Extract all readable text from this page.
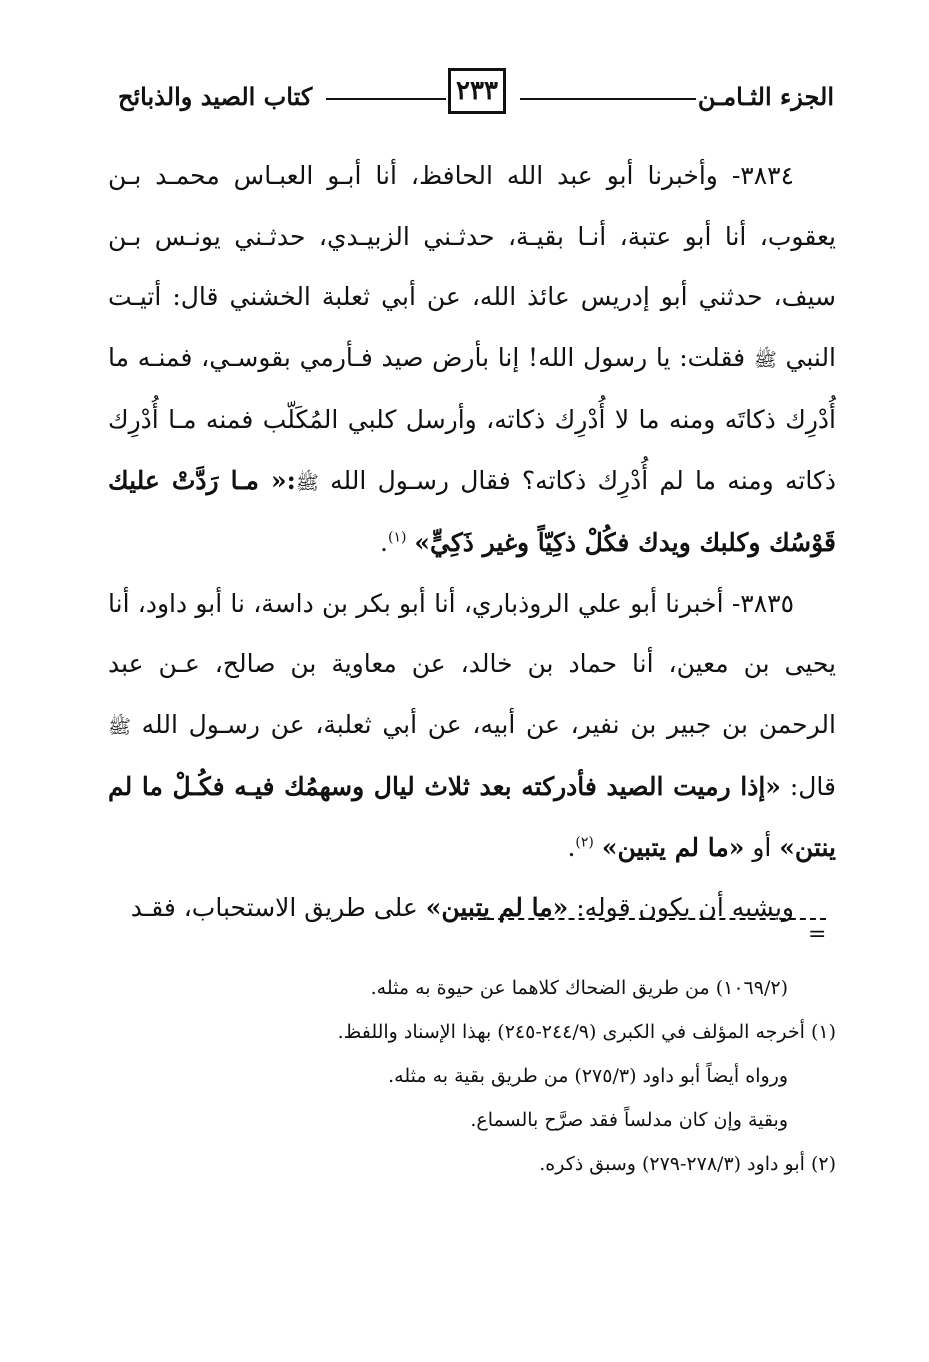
الجزء الثـامـن
٢٣٣
كتاب الصيد والذبائح

٣٨٣٤- وأخبرنا أبو عبد الله الحافظ، أنا أبـو العبـاس محمـد بـن يعقوب، أنا أبو عتبة، أنـا بقيـة، حدثـني الزبيـدي، حدثـني يونـس بـن سيف، حدثني أبو إدريس عائذ الله، عن أبي ثعلبة الخشني قال: أتيـت النبي ﷺ فقلت: يا رسول الله! إنا بأرض صيد فـأرمي بقوسـي، فمنـه ما أُدْرِك ذكاتَه ومنه ما لا أُدْرِك ذكاته، وأرسل كلبي المُكَلّب فمنه مـا أُدْرِك ذكاته ومنه ما لم أُدْرِك ذكاته؟ فقال رسـول الله ﷺ:« مـا رَدَّتْ عليك قَوْسُك وكلبك ويدك فكُلْ ذكِيّاً وغير ذَكِيٍّ» $^{(١)}$.

٣٨٣٥- أخبرنا أبو علي الروذباري، أنا أبو بكر بن داسة، نا أبو داود، أنا يحيى بن معين، أنا حماد بن خالد، عن معاوية بن صالح، عـن عبد الرحمن بن جبير بن نفير، عن أبيه، عن أبي ثعلبة، عن رسـول الله ﷺ قال: «إذا رميت الصيد فأدركته بعد ثلاث ليال وسهمُك فيـه فكُـلْ ما لم ينتن» أو «ما لم يتبين» $^{(٢)}$.

ويشبه أن يكون قوله: «ما لم يتبين» على طريق الاستحباب، فقـد

=

(١٠٦٩/٢) من طريق الضحاك كلاهما عن حيوة به مثله.

(١) أخرجه المؤلف في الكبرى (٢٤٤/٩-٢٤٥) بهذا الإسناد واللفظ.

ورواه أيضاً أبو داود (٢٧٥/٣) من طريق بقية به مثله.

وبقية وإن كان مدلساً فقد صرَّح بالسماع.

(٢) أبو داود (٢٧٨/٣-٢٧٩) وسبق ذكره.
